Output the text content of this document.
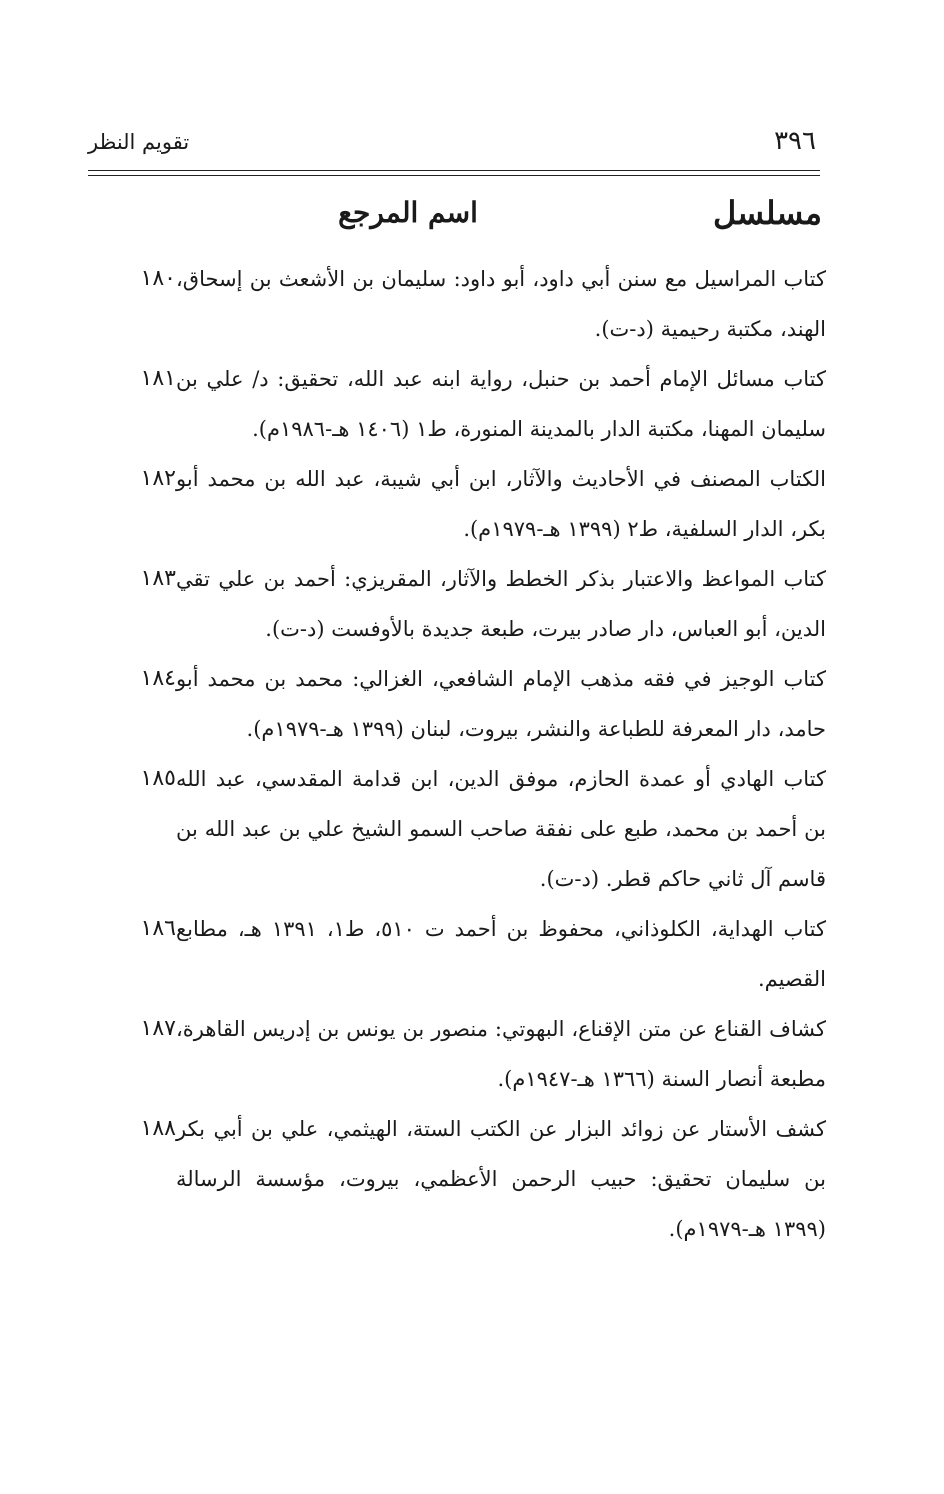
٣٩٦
تقويم النظر
مسلسل
اسم المرجع
١٨٠ كتاب المراسيل مع سنن أبي داود، أبو داود: سليمان بن الأشعث بن إسحاق، الهند، مكتبة رحيمية (د-ت).
١٨١ كتاب مسائل الإمام أحمد بن حنبل، رواية ابنه عبد الله، تحقيق: د/ علي بن سليمان المهنا، مكتبة الدار بالمدينة المنورة، ط١ (١٤٠٦ هـ-١٩٨٦م).
١٨٢ الكتاب المصنف في الأحاديث والآثار، ابن أبي شيبة، عبد الله بن محمد أبو بكر، الدار السلفية، ط٢ (١٣٩٩ هـ-١٩٧٩م).
١٨٣ كتاب المواعظ والاعتبار بذكر الخطط والآثار، المقريزي: أحمد بن علي تقي الدين، أبو العباس، دار صادر بيرت، طبعة جديدة بالأوفست (د-ت).
١٨٤ كتاب الوجيز في فقه مذهب الإمام الشافعي، الغزالي: محمد بن محمد أبو حامد، دار المعرفة للطباعة والنشر، بيروت، لبنان (١٣٩٩ هـ-١٩٧٩م).
١٨٥ كتاب الهادي أو عمدة الحازم، موفق الدين، ابن قدامة المقدسي، عبد الله بن أحمد بن محمد، طبع على نفقة صاحب السمو الشيخ علي بن عبد الله بن قاسم آل ثاني حاكم قطر. (د-ت).
١٨٦ كتاب الهداية، الكلوذاني، محفوظ بن أحمد ت ٥١٠، ط١، ١٣٩١ هـ، مطابع القصيم.
١٨٧ كشاف القناع عن متن الإقناع، البهوتي: منصور بن يونس بن إدريس القاهرة، مطبعة أنصار السنة (١٣٦٦ هـ-١٩٤٧م).
١٨٨ كشف الأستار عن زوائد البزار عن الكتب الستة، الهيثمي، علي بن أبي بكر بن سليمان تحقيق: حبيب الرحمن الأعظمي، بيروت، مؤسسة الرسالة (١٣٩٩ هـ-١٩٧٩م).
